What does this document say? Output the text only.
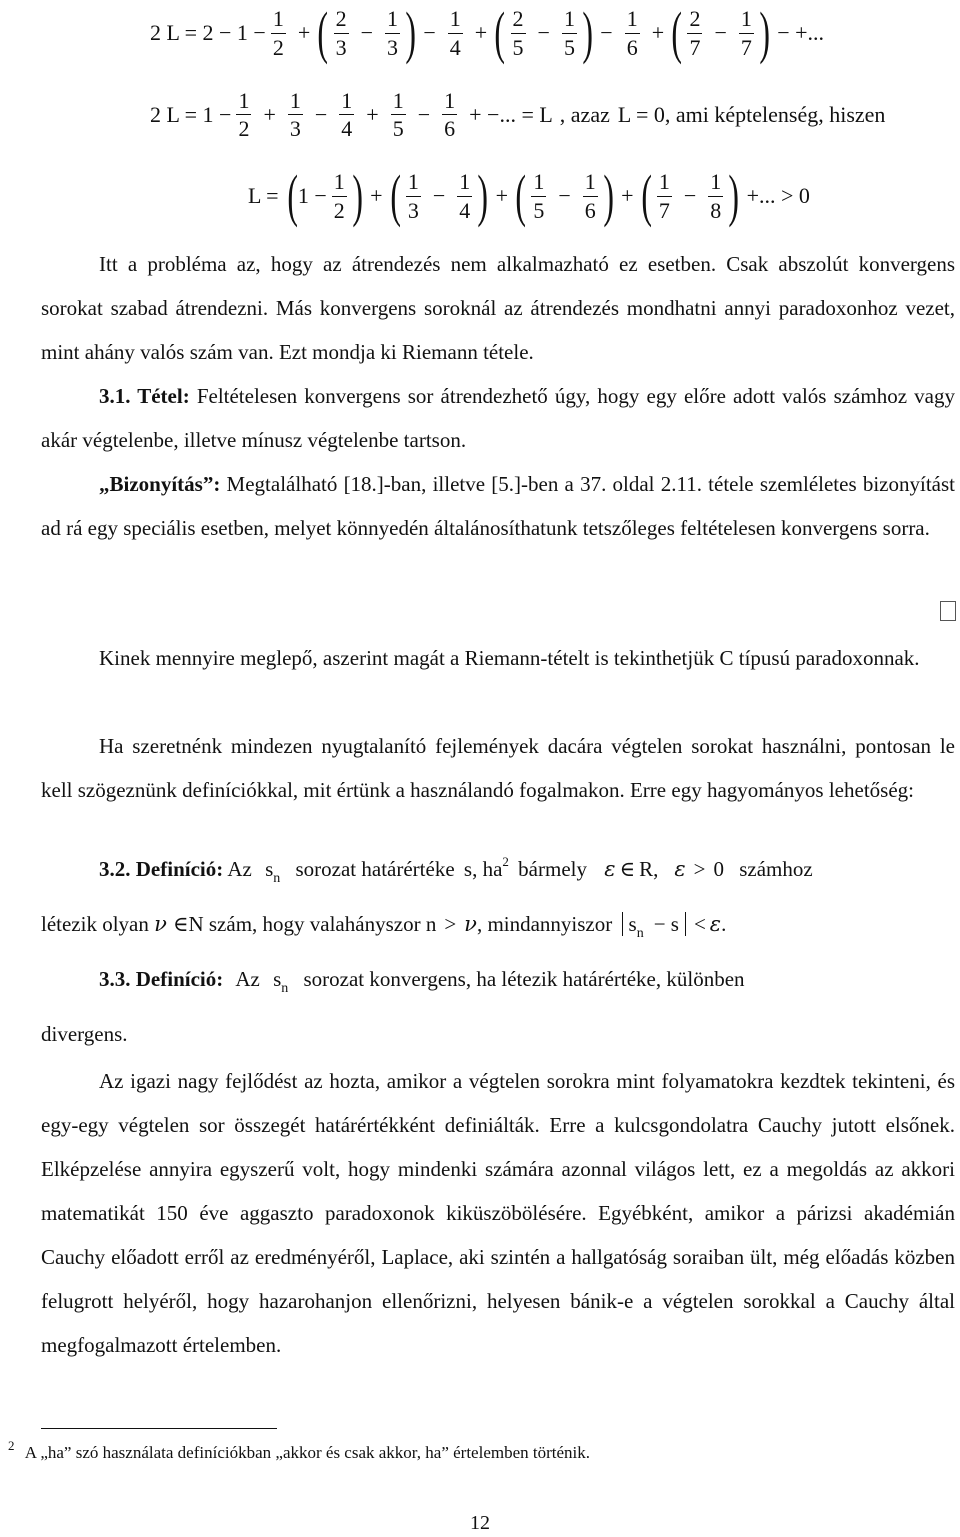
2 $L = 2 - 1 - \frac{1}{2}$ + ( $\frac{2}{3} - \frac{1}{3}$ ) − $\frac{1}{4}$ + ( $\frac{2}{5} - \frac{1}{5}$ ) − $\frac{1}{6}$ + ( $\frac{2}{7} - \frac{1}{7}$ ) − +...
2 $L = 1 - \frac{1}{2} + \frac{1}{3} - \frac{1}{4} + \frac{1}{5} - \frac{1}{6}$ + −... = L , azaz L = 0 , ami képtelenség, hiszen
L = ( $1 - \frac{1}{2}$ ) + ( $\frac{1}{3} - \frac{1}{4}$ ) + ( $\frac{1}{5} - \frac{1}{6}$ ) + ( $\frac{1}{7} - \frac{1}{8}$ ) +... > 0
Itt a probléma az, hogy az átrendezés nem alkalmazható ez esetben. Csak abszolút konvergens sorokat szabad átrendezni. Más konvergens soroknál az átrendezés mondhatni annyi paradoxonhoz vezet, mint ahány valós szám van. Ezt mondja ki Riemann tétele.
3.1. Tétel: Feltételesen konvergens sor átrendezhető úgy, hogy egy előre adott valós számhoz vagy akár végtelenbe, illetve mínusz végtelenbe tartson.
„Bizonyítás”: Megtalálható [18.]-ban, illetve [5.]-ben a 37. oldal 2.11. tétele szemléletes bizonyítást ad rá egy speciális esetben, melyet könnyedén általánosíthatunk tetszőleges feltételesen konvergens sorra.
Kinek mennyire meglepő, aszerint magát a Riemann-tételt is tekinthetjük C típusú paradoxonnak.
Ha szeretnénk mindezen nyugtalanító fejlemények dacára végtelen sorokat használni, pontosan le kell szögeznünk definíciókkal, mit értünk a használandó fogalmakon. Erre egy hagyományos lehetőség:
3.2. Definíció: Az $s_n$ sorozat határértéke s, $ha^2$ bármely ε ∈ R, ε > 0 számhoz
létezik olyan ν ∈N szám, hogy valahányszor n > ν, mindannyiszor $s_n - s < \varepsilon$.
3.3. Definíció: Az $s_n$ sorozat konvergens, ha létezik határértéke, különben
divergens.
Az igazi nagy fejlődést az hozta, amikor a végtelen sorokra mint folyamatokra kezdtek tekinteni, és egy-egy végtelen sor összegét határértékként definiálták. Erre a kulcsgondolatra Cauchy jutott elsőnek. Elképzelése annyira egyszerű volt, hogy mindenki számára azonnal világos lett, ez a megoldás az akkori matematikát 150 éve aggaszto paradoxonok kiküszöbölésére. Egyébként, amikor a párizsi akadémián Cauchy előadott erről az eredményéről, Laplace, aki szintén a hallgatóság soraiban ült, még előadás közben felugrott helyéről, hogy hazarohanjon ellenőrizni, helyesen bánik-e a végtelen sorokkal a Cauchy által megfogalmazott értelemben.
$^2$ A „ha” szó használata definíciókban „akkor és csak akkor, ha” értelemben történik.
12
